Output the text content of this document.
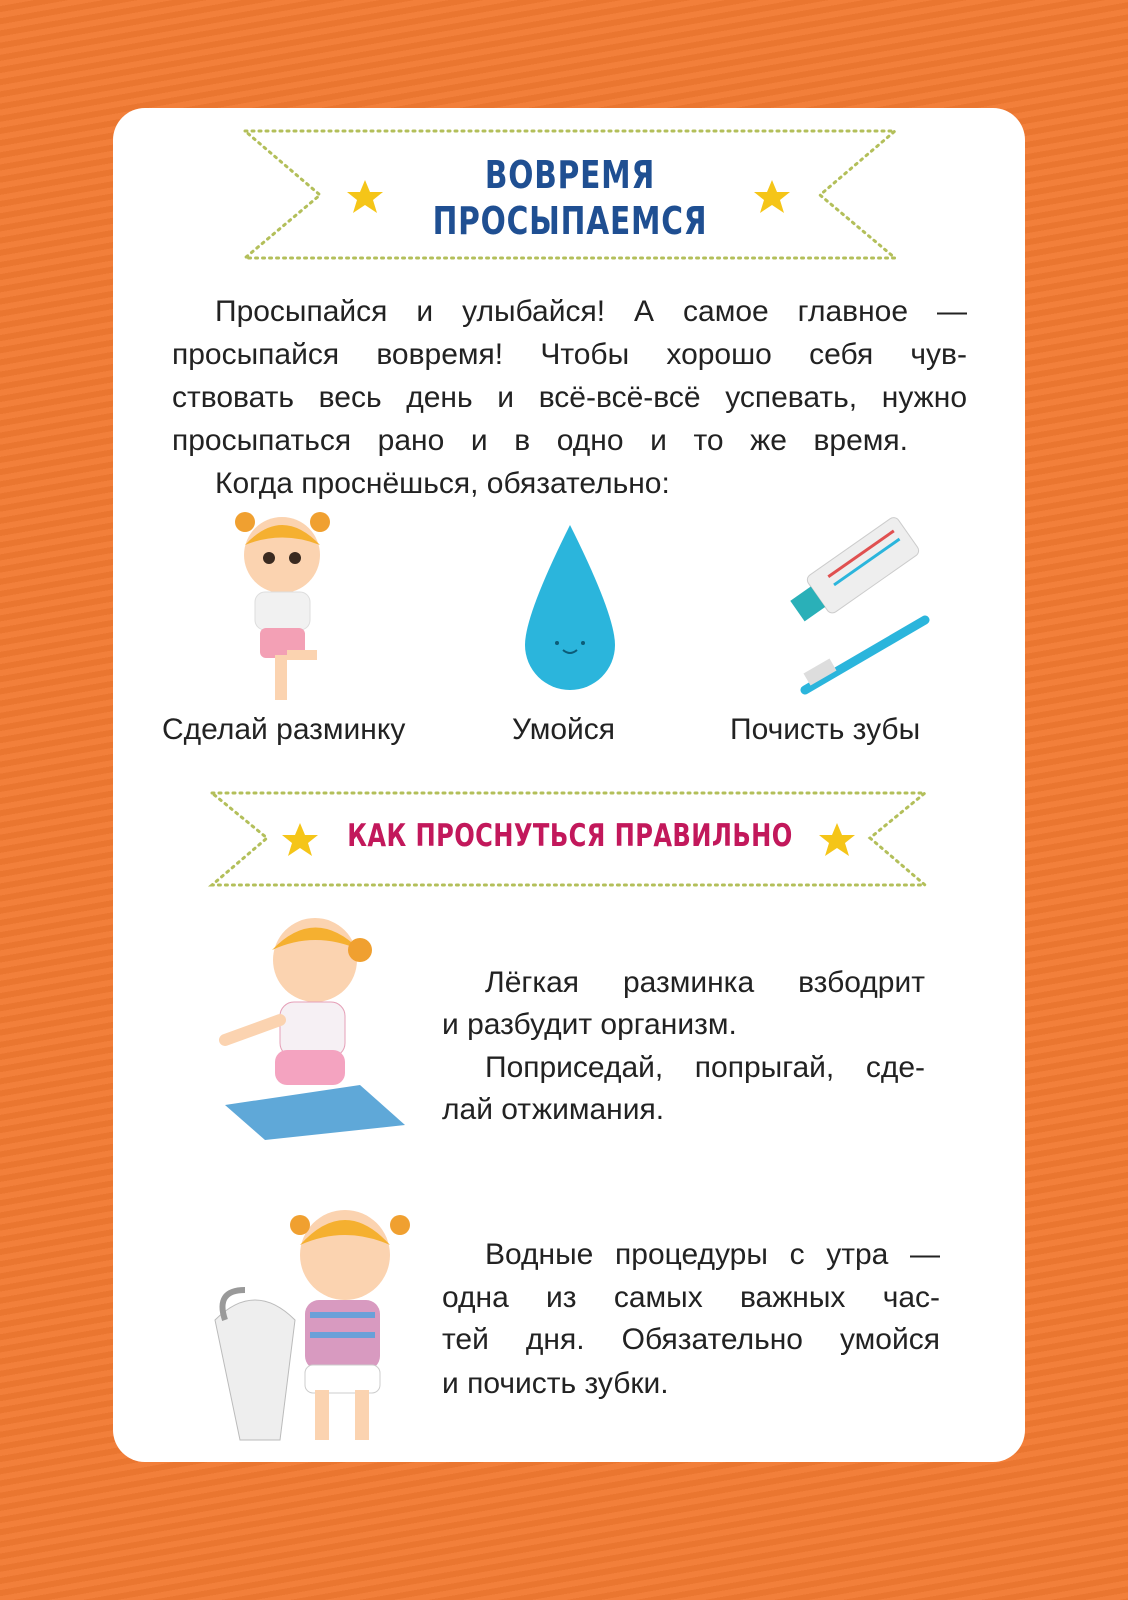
ВОВРЕМЯ
ПРОСЫПАЕМСЯ
Просыпайся и улыбайся! А самое главное —
просыпайся вовремя! Чтобы хорошо себя чув-
ствовать весь день и всё-всё-всё успевать, нужно
просыпаться рано и в одно и то же время.
Когда проснёшься, обязательно:
Сделай разминку	Умойся	Почисть зубы
КАК ПРОСНУТЬСЯ ПРАВИЛЬНО
Лёгкая разминка взбодрит
и разбудит организм.
Поприседай, попрыгай, сде-
лай отжимания.
Водные процедуры с утра —
одна из самых важных час-
тей дня. Обязательно умойся
и почисть зубки.
